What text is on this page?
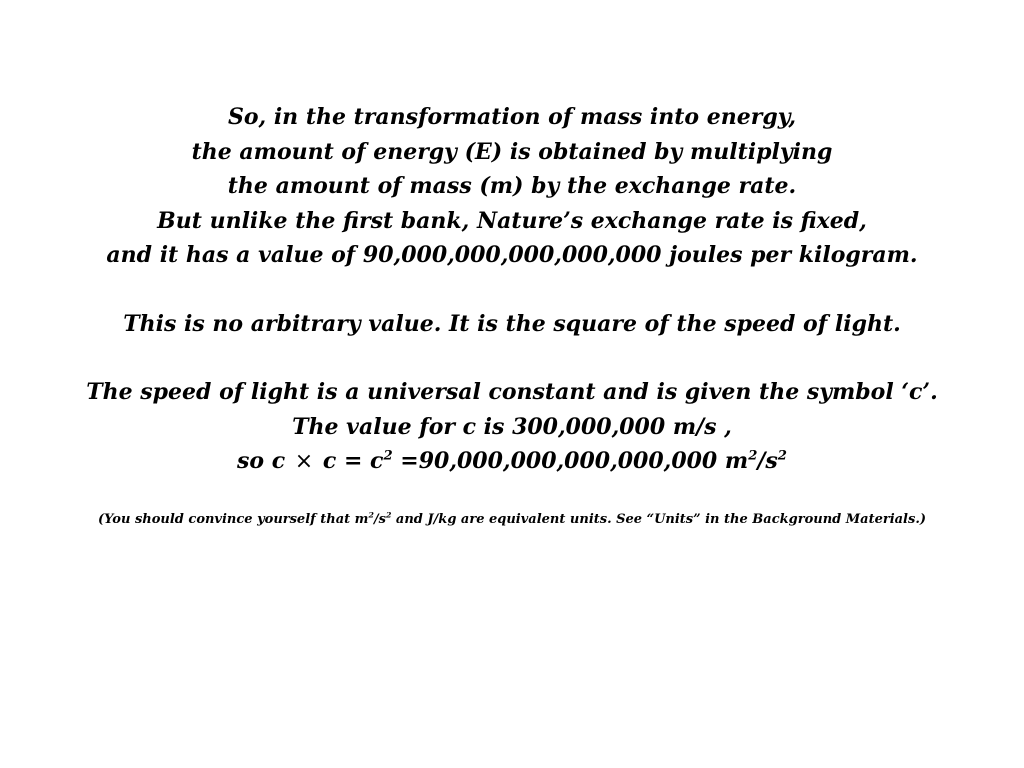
So, in the transformation of mass into energy,
the amount of energy (E) is obtained by multiplying
the amount of mass (m) by the exchange rate.
But unlike the first bank, Nature’s exchange rate is fixed,
and it has a value of 90,000,000,000,000,000 joules per kilogram.
This is no arbitrary value. It is the square of the speed of light.
The speed of light is a universal constant and is given the symbol ‘c’.
The value for c is 300,000,000 m/s ,
so $c \times c = c^2 =90,000,000,000,000,000$ $m^2/s^2$
(You should convince yourself that $m^2/s^2$ and J/kg are equivalent units. See “Units” in the Background Materials.)
